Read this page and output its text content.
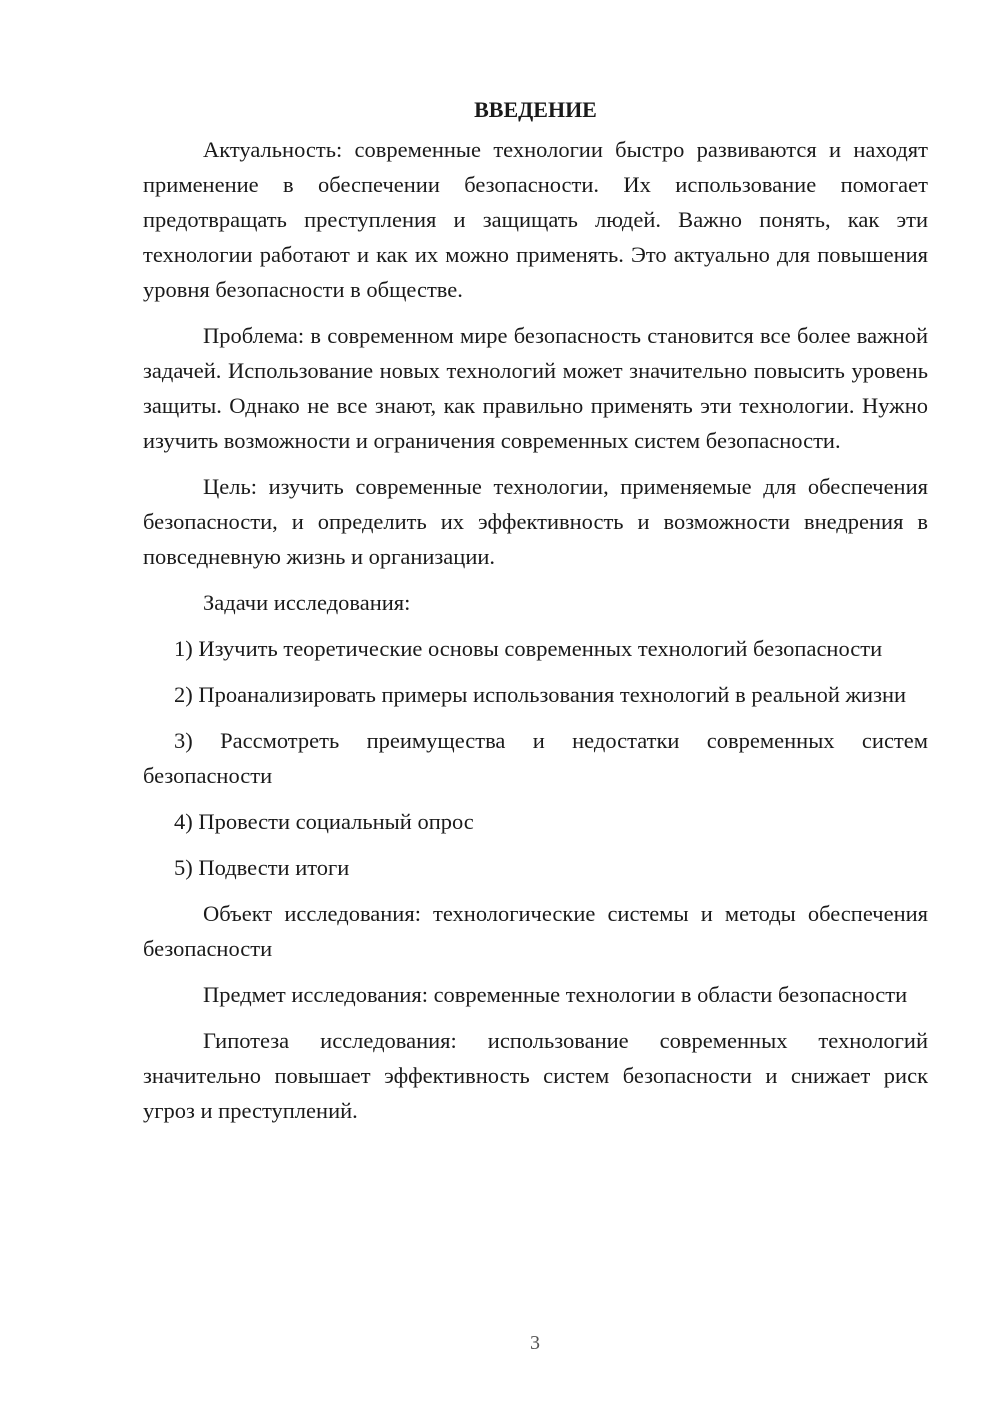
ВВЕДЕНИЕ

Актуальность: современные технологии быстро развиваются и находят применение в обеспечении безопасности. Их использование помогает предотвращать преступления и защищать людей. Важно понять, как эти технологии работают и как их можно применять. Это актуально для повышения уровня безопасности в обществе.

Проблема: в современном мире безопасность становится все более важной задачей. Использование новых технологий может значительно повысить уровень защиты. Однако не все знают, как правильно применять эти технологии. Нужно изучить возможности и ограничения современных систем безопасности.

Цель: изучить современные технологии, применяемые для обеспечения безопасности, и определить их эффективность и возможности внедрения в повседневную жизнь и организации.

Задачи исследования:

1) Изучить теоретические основы современных технологий безопасности

2) Проанализировать примеры использования технологий в реальной жизни

3) Рассмотреть преимущества и недостатки современных систем безопасности

4) Провести социальный опрос

5) Подвести итоги

Объект исследования: технологические системы и методы обеспечения безопасности

Предмет исследования: современные технологии в области безопасности

Гипотеза исследования: использование современных технологий значительно повышает эффективность систем безопасности и снижает риск угроз и преступлений.

3
